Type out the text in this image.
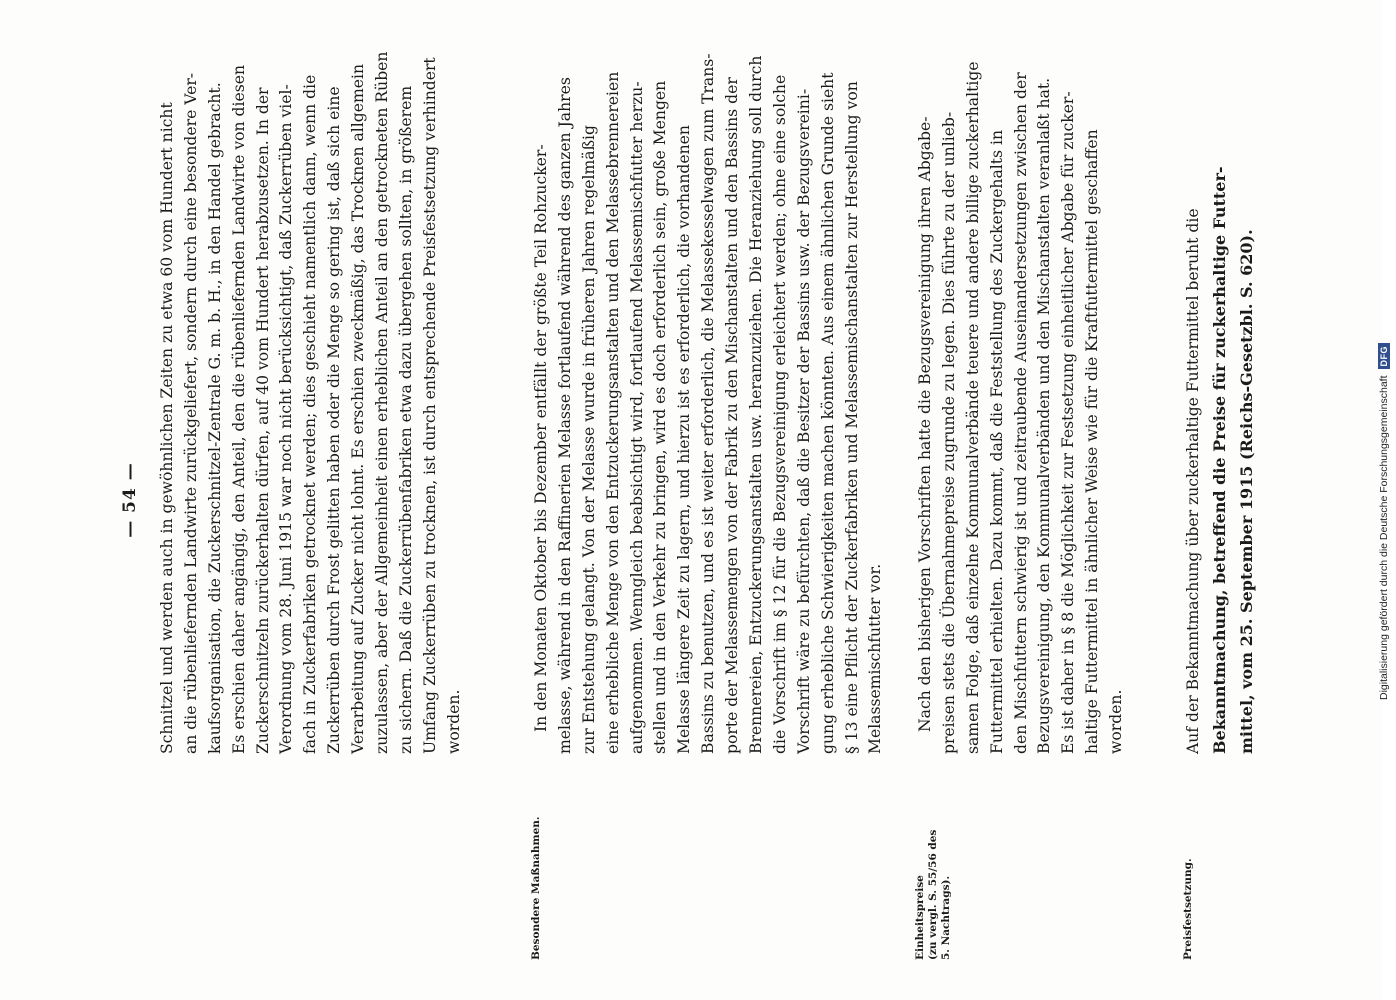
— 54 —	Schnitzel und werden auch in gewöhnlichen Zeiten zu etwa 60 vom Hundert nicht an die rübenliefernden Landwirte zurückgeliefert, sondern durch eine besondere Ver- kaufsorganisation, die Zuckerschnitzel-Zentrale G. m. b. H., in den Handel gebracht. Es erschien daher angängig, den Anteil, den die rübenliefernden Landwirte von diesen Zuckerschnitzeln zurückerhalten dürfen, auf 40 vom Hundert herabzusetzen. In der Verordnung vom 28. Juni 1915 war noch nicht berücksichtigt, daß Zuckerrüben viel- fach in Zuckerfabriken getrocknet werden; dies geschieht namentlich dann, wenn die Zuckerrüben durch Frost gelitten haben oder die Menge so gering ist, daß sich eine Verarbeitung auf Zucker nicht lohnt. Es erschien zweckmäßig, das Trocknen allgemein zuzulassen, aber der Allgemeinheit einen erheblichen Anteil an den getrockneten Rüben zu sichern. Daß die Zuckerrübenfabriken etwa dazu übergehen sollten, in größerem Umfang Zuckerrüben zu trocknen, ist durch entsprechende Preisfestsetzung verhindert worden.
Besondere Maßnahmen.
In den Monaten Oktober bis Dezember entfällt der größte Teil Rohzucker- melasse, während in den Raffinerien Melasse fortlaufend während des ganzen Jahres zur Entstehung gelangt. Von der Melasse wurde in früheren Jahren regelmäßig eine erhebliche Menge von den Entzuckerungsanstalten und den Melassebrennereien aufgenommen. Wenngleich beabsichtigt wird, fortlaufend Melassemischfutter herzu- stellen und in den Verkehr zu bringen, wird es doch erforderlich sein, große Mengen Melasse längere Zeit zu lagern, und hierzu ist es erforderlich, die vorhandenen Bassins zu benutzen, und es ist weiter erforderlich, die Melassekesselwagen zum Trans- porte der Melassemengen von der Fabrik zu den Mischanstalten und den Bassins der Brennereien, Entzuckerungsanstalten usw. heranzuziehen. Die Heranziehung soll durch die Vorschrift im § 12 für die Bezugsvereinigung erleichtert werden; ohne eine solche Vorschrift wäre zu befürchten, daß die Besitzer der Bassins usw. der Bezugsvereini- gung erhebliche Schwierigkeiten machen könnten. Aus einem ähnlichen Grunde sieht § 13 eine Pflicht der Zuckerfabriken und Melassemischanstalten zur Herstellung von Melassemischfutter vor.
Einheitspreise (zu vergl. S. 55/56 des 5. Nachtrags).
Nach den bisherigen Vorschriften hatte die Bezugsvereinigung ihren Abgabe- preisen stets die Übernahmepreise zugrunde zu legen. Dies führte zu der unlieb- samen Folge, daß einzelne Kommunalverbände teuere und andere billige zuckerhaltige Futtermittel erhielten. Dazu kommt, daß die Feststellung des Zuckergehalts in den Mischfuttern schwierig ist und zeitraubende Auseinandersetzungen zwischen der Bezugsvereinigung, den Kommunalverbänden und den Mischanstalten veranlaßt hat. Es ist daher in § 8 die Möglichkeit zur Festsetzung einheitlicher Abgabe für zucker- haltige Futtermittel in ähnlicher Weise wie für die Kraftfuttermittel geschaffen worden.
Preisfestsetzung.
Auf der Bekanntmachung über zuckerhaltige Futtermittel beruht die Bekanntmachung, betreffend die Preise für zuckerhaltige Futter- mittel, vom 25. September 1915 (Reichs-Gesetzbl. S. 620).	Digitalisierung gefördert durch die Deutsche Forschungsgemeinschaft
DFG
